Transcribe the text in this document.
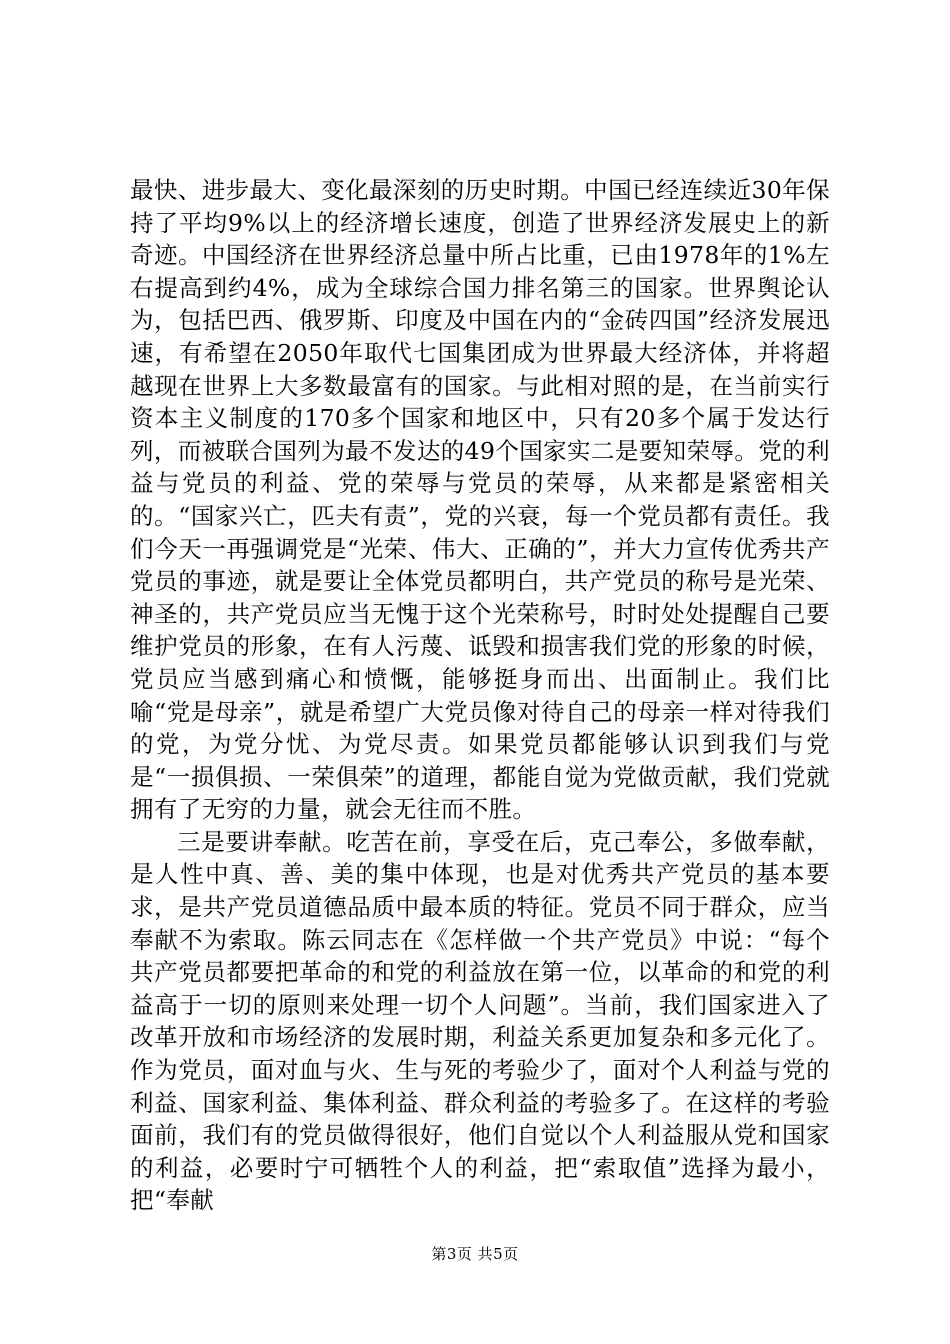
最快、进步最大、变化最深刻的历史时期。中国已经连续近30年保持了平均9%以上的经济增长速度，创造了世界经济发展史上的新奇迹。中国经济在世界经济总量中所占比重，已由1978年的1%左右提高到约4%，成为全球综合国力排名第三的国家。世界舆论认为，包括巴西、俄罗斯、印度及中国在内的“金砖四国”经济发展迅速，有希望在2050年取代七国集团成为世界最大经济体，并将超越现在世界上大多数最富有的国家。与此相对照的是，在当前实行资本主义制度的170多个国家和地区中，只有20多个属于发达行列，而被联合国列为最不发达的49个国家实二是要知荣辱。党的利益与党员的利益、党的荣辱与党员的荣辱，从来都是紧密相关的。“国家兴亡，匹夫有责”，党的兴衰，每一个党员都有责任。我们今天一再强调党是“光荣、伟大、正确的”，并大力宣传优秀共产党员的事迹，就是要让全体党员都明白，共产党员的称号是光荣、神圣的，共产党员应当无愧于这个光荣称号，时时处处提醒自己要维护党员的形象，在有人污蔑、诋毁和损害我们党的形象的时候，党员应当感到痛心和愤慨，能够挺身而出、出面制止。我们比喻“党是母亲”，就是希望广大党员像对待自己的母亲一样对待我们的党，为党分忧、为党尽责。如果党员都能够认识到我们与党是“一损俱损、一荣俱荣”的道理，都能自觉为党做贡献，我们党就拥有了无穷的力量，就会无往而不胜。

三是要讲奉献。吃苦在前，享受在后，克己奉公，多做奉献，是人性中真、善、美的集中体现，也是对优秀共产党员的基本要求，是共产党员道德品质中最本质的特征。党员不同于群众，应当奉献不为索取。陈云同志在《怎样做一个共产党员》中说：“每个共产党员都要把革命的和党的利益放在第一位，以革命的和党的利益高于一切的原则来处理一切个人问题”。当前，我们国家进入了改革开放和市场经济的发展时期，利益关系更加复杂和多元化了。作为党员，面对血与火、生与死的考验少了，面对个人利益与党的利益、国家利益、集体利益、群众利益的考验多了。在这样的考验面前，我们有的党员做得很好，他们自觉以个人利益服从党和国家的利益，必要时宁可牺牲个人的利益，把“索取值”选择为最小，把“奉献

第3页 共5页
